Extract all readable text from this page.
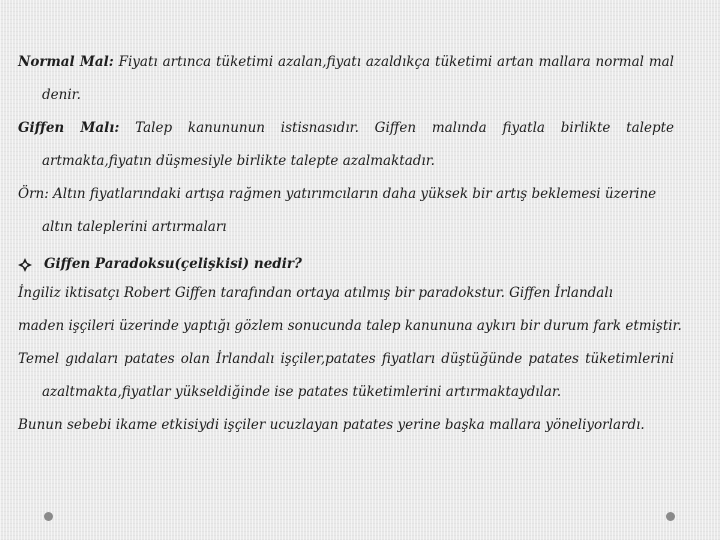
Normal Mal: Fiyatı artınca tüketimi azalan,fiyatı azaldıkça tüketimi artan mallara normal mal
denir.
Giffen Malı: Talep kanununun istisnasıdır. Giffen malında fiyatla birlikte talepte
artmakta,fiyatın düşmesiyle birlikte talepte azalmaktadır.
Örn: Altın fiyatlarındaki artışa rağmen yatırımcıların daha yüksek bir artış beklemesi üzerine
altın taleplerini artırmaları
Giffen Paradoksu(çelişkisi) nedir?
İngiliz iktisatçı Robert Giffen tarafından ortaya atılmış bir paradokstur. Giffen İrlandalı
maden işçileri üzerinde yaptığı gözlem sonucunda talep kanununa aykırı bir durum fark etmiştir.
Temel gıdaları patates olan İrlandalı işçiler,patates fiyatları düştüğünde patates tüketimlerini
azaltmakta,fiyatlar yükseldiğinde ise patates tüketimlerini artırmaktaydılar.
Bunun sebebi ikame etkisiydi işçiler ucuzlayan patates yerine başka mallara yöneliyorlardı.
